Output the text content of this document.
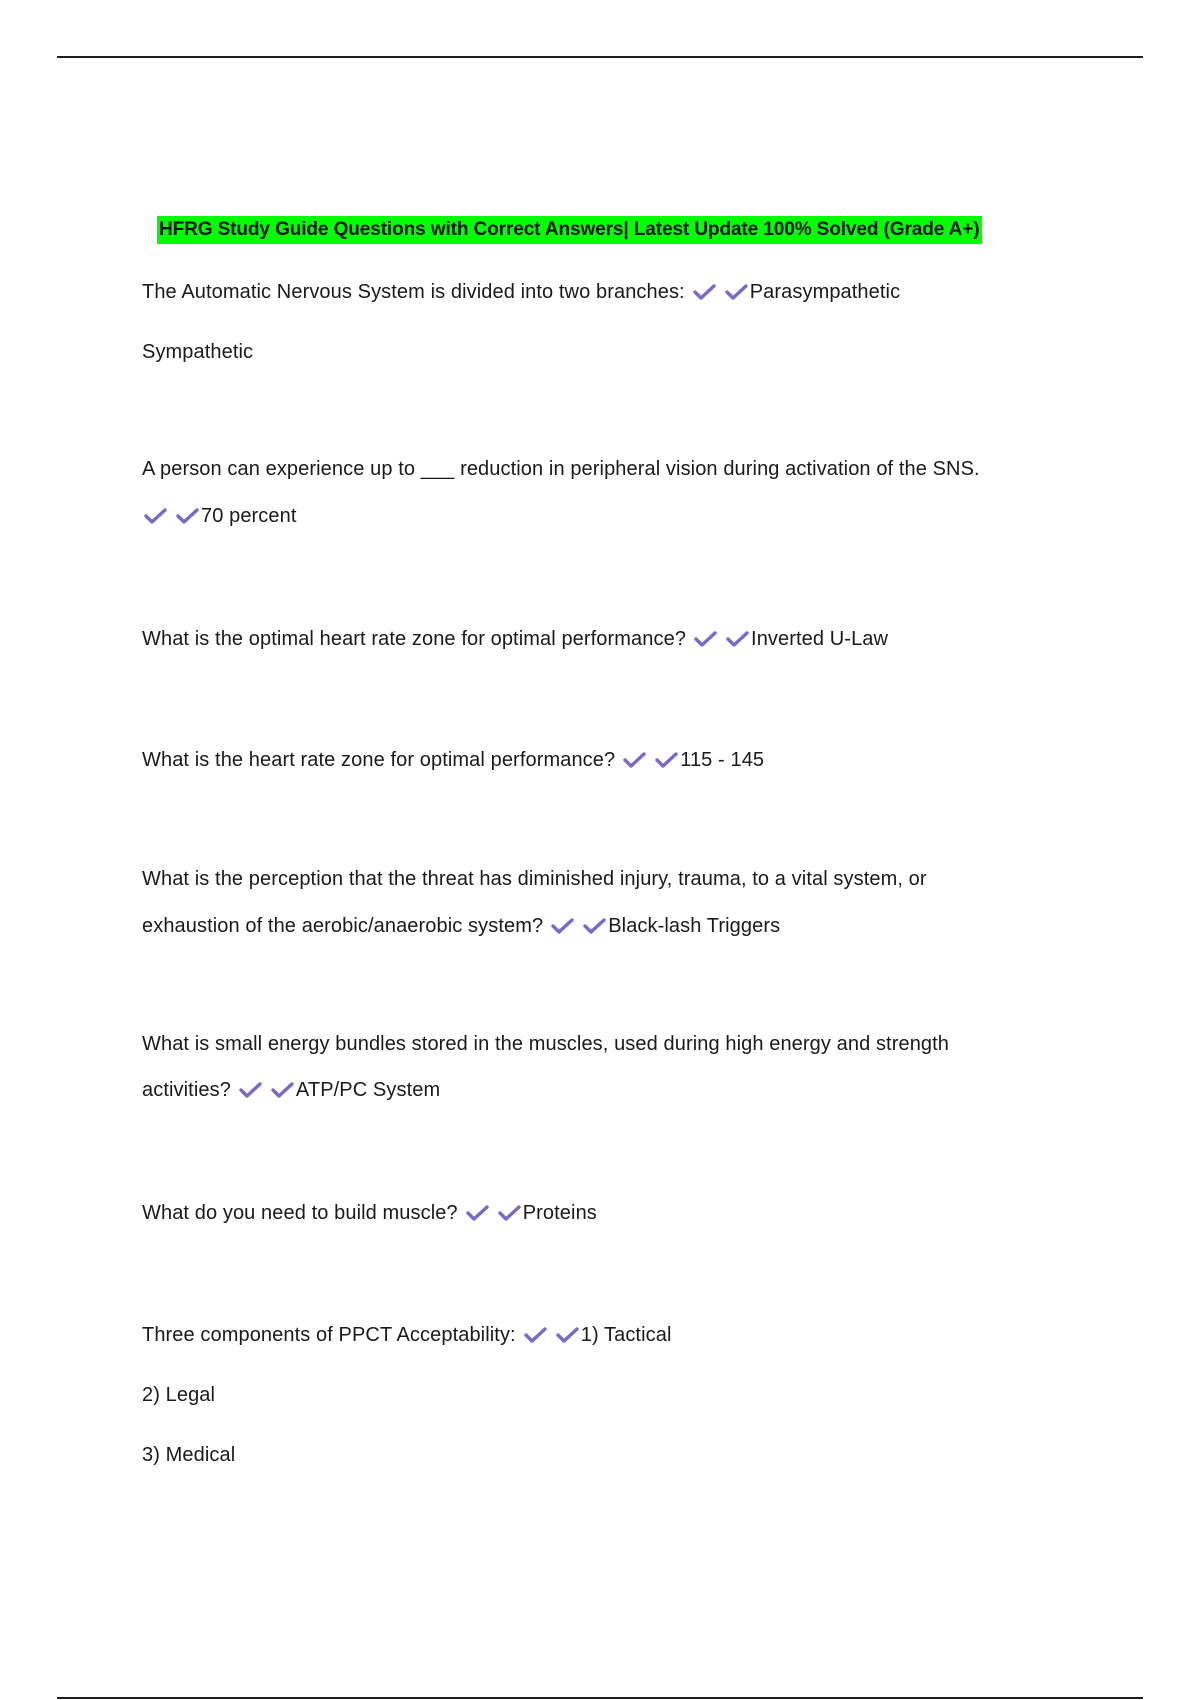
HFRG Study Guide Questions with Correct Answers| Latest Update 100% Solved (Grade A+)
The Automatic Nervous System is divided into two branches:	Parasympathetic
Sympathetic
A person can experience up to ___ reduction in peripheral vision during activation of the SNS.
70 percent
What is the optimal heart rate zone for optimal performance?	Inverted U-Law
What is the heart rate zone for optimal performance?	115 - 145
What is the perception that the threat has diminished injury, trauma, to a vital system, or
exhaustion of the aerobic/anaerobic system?	Black-lash Triggers
What is small energy bundles stored in the muscles, used during high energy and strength
activities?	ATP/PC System
What do you need to build muscle?	Proteins
Three components of PPCT Acceptability:	1) Tactical
2) Legal
3) Medical
